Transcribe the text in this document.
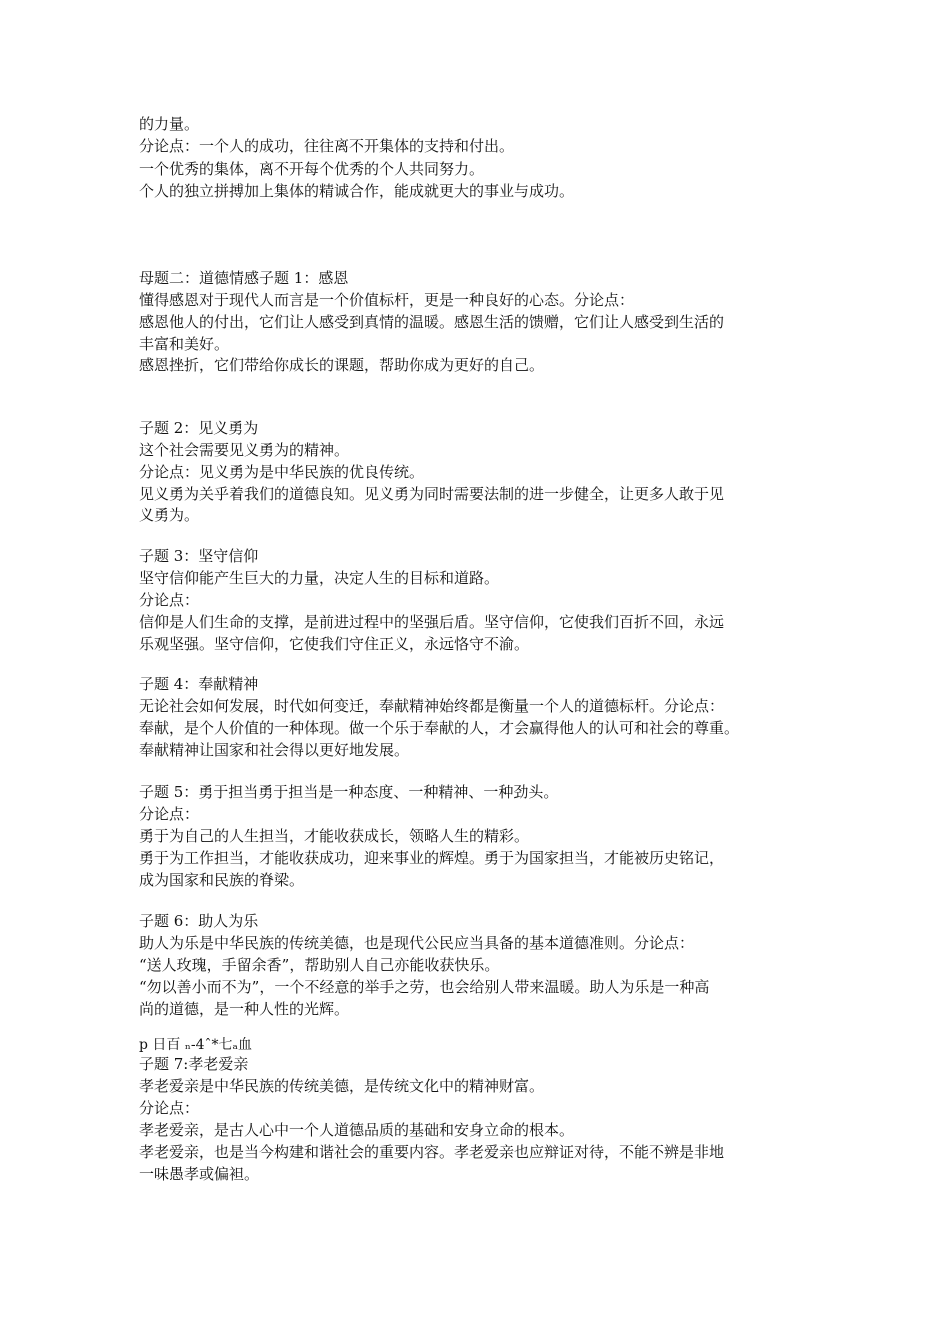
的力量。
分论点：一个人的成功，往往离不开集体的支持和付出。
一个优秀的集体，离不开每个优秀的个人共同努力。
个人的独立拼搏加上集体的精诚合作，能成就更大的事业与成功。
母题二：道德情感子题 1：感恩
懂得感恩对于现代人而言是一个价值标杆，更是一种良好的心态。分论点：
感恩他人的付出，它们让人感受到真情的温暖。感恩生活的馈赠，它们让人感受到生活的
丰富和美好。
感恩挫折，它们带给你成长的课题，帮助你成为更好的自己。
子题 2：见义勇为
这个社会需要见义勇为的精神。
分论点：见义勇为是中华民族的优良传统。
见义勇为关乎着我们的道德良知。见义勇为同时需要法制的进一步健全，让更多人敢于见
义勇为。
子题 3：坚守信仰
坚守信仰能产生巨大的力量，决定人生的目标和道路。
分论点：
信仰是人们生命的支撑，是前进过程中的坚强后盾。坚守信仰，它使我们百折不回，永远
乐观坚强。坚守信仰，它使我们守住正义，永远恪守不渝。
子题 4：奉献精神
无论社会如何发展，时代如何变迁，奉献精神始终都是衡量一个人的道德标杆。分论点：
奉献，是个人价值的一种体现。做一个乐于奉献的人，才会赢得他人的认可和社会的尊重。
奉献精神让国家和社会得以更好地发展。
子题 5：勇于担当勇于担当是一种态度、一种精神、一种劲头。
分论点：
勇于为自己的人生担当，才能收获成长，领略人生的精彩。
勇于为工作担当，才能收获成功，迎来事业的辉煌。勇于为国家担当，才能被历史铭记，
成为国家和民族的脊梁。
子题 6：助人为乐
助人为乐是中华民族的传统美德，也是现代公民应当具备的基本道德准则。分论点：
“送人玫瑰，手留余香”，帮助别人自己亦能收获快乐。
“勿以善小而不为”，一个不经意的举手之劳，也会给别人带来温暖。助人为乐是一种高
尚的道德，是一种人性的光辉。
p 日百 ₙ-4ˆ*七ₐ血
子题 7:孝老爱亲
孝老爱亲是中华民族的传统美德，是传统文化中的精神财富。
分论点：
孝老爱亲，是古人心中一个人道德品质的基础和安身立命的根本。
孝老爱亲，也是当今构建和谐社会的重要内容。孝老爱亲也应辩证对待，不能不辨是非地
一味愚孝或偏袒。
